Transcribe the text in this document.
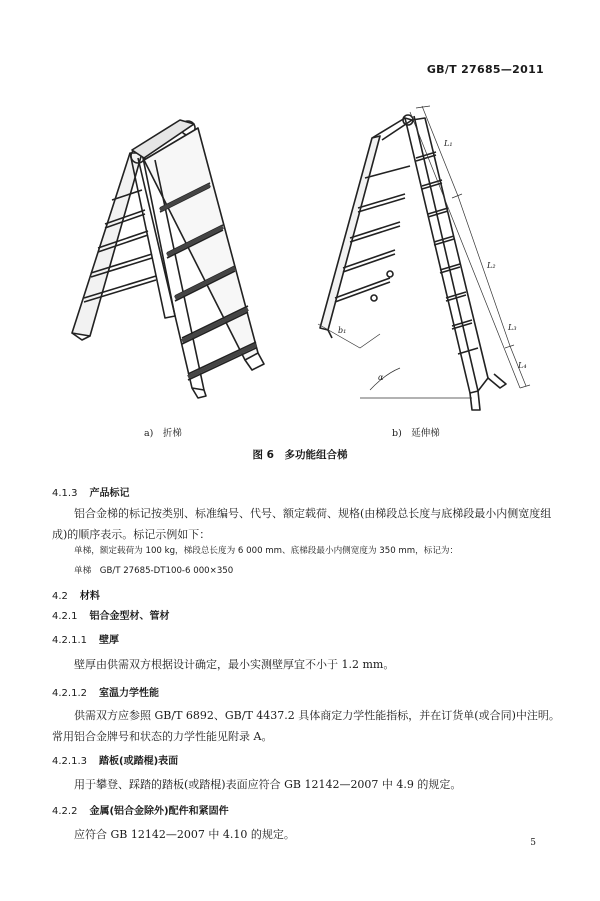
GB/T 27685—2011
L₁
L₂
L₃
L₄
b₁
α
a)　折梯	b)　延伸梯
图 6　多功能组合梯
4.1.3 产品标记
铝合金梯的标记按类别、标准编号、代号、额定载荷、规格(由梯段总长度与底梯段最小内侧宽度组
成)的顺序表示。标记示例如下：
单梯，额定载荷为 100 kg，梯段总长度为 6 000 mm、底梯段最小内侧宽度为 350 mm，标记为：
单梯　GB/T 27685-DT100-6 000×350
4.2 材料
4.2.1 铝合金型材、管材
4.2.1.1 壁厚
壁厚由供需双方根据设计确定，最小实测壁厚宜不小于 1.2 mm。
4.2.1.2 室温力学性能
供需双方应参照 GB/T 6892、GB/T 4437.2 具体商定力学性能指标，并在订货单(或合同)中注明。
常用铝合金牌号和状态的力学性能见附录 A。
4.2.1.3 踏板(或踏棍)表面
用于攀登、踩踏的踏板(或踏棍)表面应符合 GB 12142—2007 中 4.9 的规定。
4.2.2 金属(铝合金除外)配件和紧固件
应符合 GB 12142—2007 中 4.10 的规定。
5
